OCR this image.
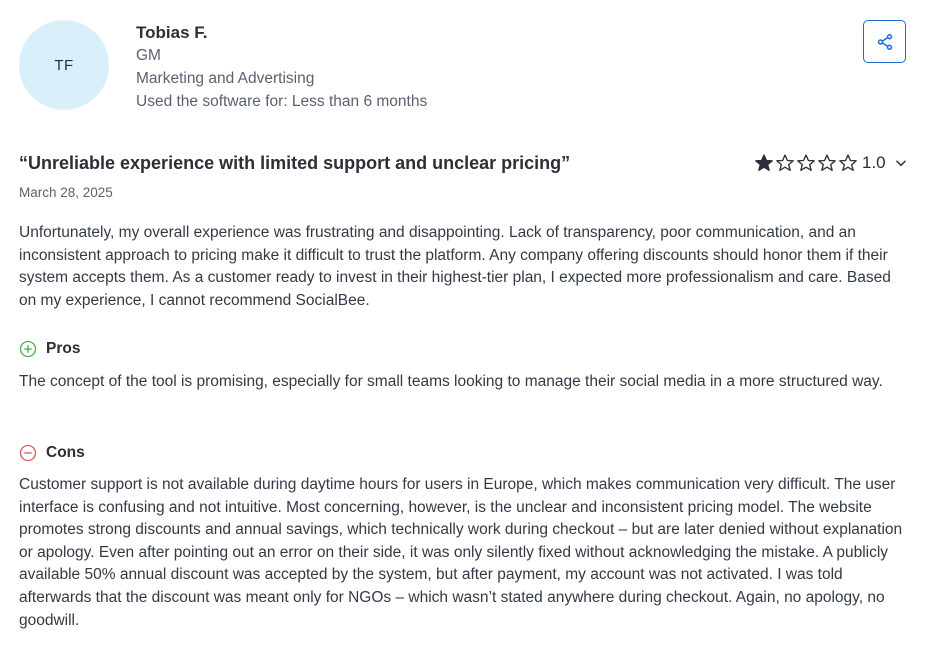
TF
Tobias F.
GM
Marketing and Advertising
Used the software for: Less than 6 months
“Unreliable experience with limited support and unclear pricing”	1.0
March 28, 2025
Unfortunately, my overall experience was frustrating and disappointing. Lack of transparency, poor communication, and an inconsistent approach to pricing make it difficult to trust the platform. Any company offering discounts should honor them if their system accepts them. As a customer ready to invest in their highest-tier plan, I expected more professionalism and care. Based on my experience, I cannot recommend SocialBee.
Pros
The concept of the tool is promising, especially for small teams looking to manage their social media in a more structured way.
Cons
Customer support is not available during daytime hours for users in Europe, which makes communication very difficult. The user interface is confusing and not intuitive. Most concerning, however, is the unclear and inconsistent pricing model. The website promotes strong discounts and annual savings, which technically work during checkout – but are later denied without explanation or apology. Even after pointing out an error on their side, it was only silently fixed without acknowledging the mistake. A publicly available 50% annual discount was accepted by the system, but after payment, my account was not activated. I was told afterwards that the discount was meant only for NGOs – which wasn’t stated anywhere during checkout. Again, no apology, no goodwill.
